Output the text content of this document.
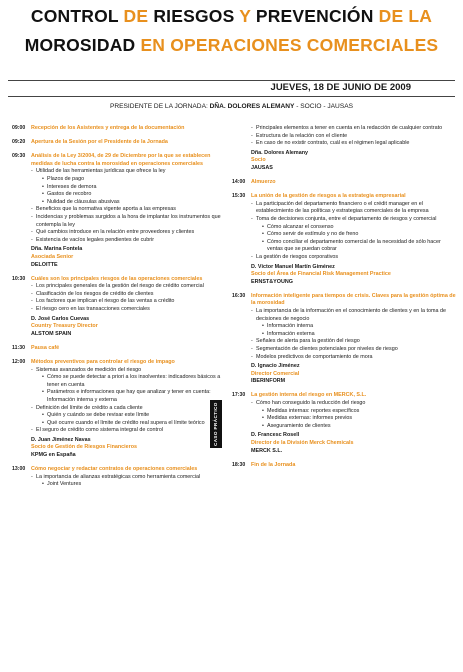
CONTROL DE RIESGOS Y PREVENCIÓN DE LA
MOROSIDAD EN OPERACIONES COMERCIALES
JUEVES, 18 DE JUNIO DE 2009
PRESIDENTE DE LA JORNADA: DÑA. DOLORES ALEMANY - SOCIO - JAUSAS
09:00	Recepción de los Asistentes y entrega de la documentación
09:20	Apertura de la Sesión por el Presidente de la Jornada
09:30	Análisis de la Ley 3/2004, de 29 de Diciembre por la que se establecen medidas de lucha contra la morosidad en operaciones comerciales
- Utilidad de las herramientas jurídicas que ofrece la ley
• Plazos de pago
• Intereses de demora
• Gastos de recobro
• Nulidad de cláusulas abusivas
- Beneficios que la normativa vigente aporta a las empresas
- Incidencias y problemas surgidos a la hora de implantar los instrumentos que contempla la ley
- Qué cambios introduce en la relación entre proveedores y clientes
- Existencia de vacíos legales pendientes de cubrir
Dña. Marina Fontela
Asociada Senior
DELOITTE
10:30	Cuáles son los principales riesgos de las operaciones comerciales
- Los principales generales de la gestión del riesgo de crédito comercial
- Clasificación de los riesgos de crédito de clientes
- Los factores que implican el riesgo de las ventas a crédito
- El riesgo cero en las transacciones comerciales
D. José Carlos Cuevas
Country Treasury Director
ALSTOM SPAIN
11:30	Pausa café
12:00	Métodos preventivos para controlar el riesgo de impago
- Sistemas avanzados de medición del riesgo
• Cómo se puede detectar a priori a los insolventes: indicadores básicos a tener en cuenta
• Parámetros e informaciones que hay que analizar y tener en cuenta: Información interna y externa
- Definición del límite de crédito a cada cliente
• Quién y cuándo se debe revisar este límite
• Qué ocurre cuando el límite de crédito real supera el límite teórico
- El seguro de crédito como sistema integral de control
D. Juan Jiménez Navas
Socio de Gestión de Riesgos Financieros
KPMG en España
13:00	Cómo negociar y redactar contratos de operaciones comerciales
- La importancia de alianzas estratégicas como herramienta comercial
• Joint Ventures
- Principales elementos a tener en cuenta en la redacción de cualquier contrato
- Estructura de la relación con el cliente
- En caso de no existir contrato, cuál es el régimen legal aplicable
Dña. Dolores Alemany
Socio
JAUSAS
14:00	Almuerzo
15:30	La unión de la gestión de riesgos a la estrategia empresarial
- La participación del departamento financiero o el crédit manager en el establecimiento de las políticas y estrategias comerciales de la empresa
- Toma de decisiones conjunta, entre el departamento de riesgos y comercial
• Cómo alcanzar el consenso
• Cómo servir de estímulo y no de freno
• Cómo conciliar el departamento comercial de la necesidad de sólo hacer ventas que se puedan cobrar
- La gestión de riesgos corporativos
D. Víctor Manuel Martín Giménez
Socio del Área de Financial Risk Management Practice
ERNST&YOUNG
16:30	Información inteligente para tiempos de crisis. Claves para la gestión óptima de la morosidad
- La importancia de la información en el conocimiento de clientes y en la toma de decisiones de negocio
• Información interna
• Información externa
- Señales de alerta para la gestión del riesgo
- Segmentación de clientes potenciales por niveles de riesgo
- Modelos predictivos de comportamiento de mora
D. Ignacio Jiménez
Director Comercial
IBERINFORM
17:30	La gestión interna del riesgo en MERCK, S.L.
- Cómo han conseguido la reducción del riesgo
• Medidas internas: reportes específicos
• Medidas externas: informes previos
• Aseguramiento de clientes
D. Francesc Rosell
Director de la División Merck Chemicals
MERCK S.L.
CASO PRÁCTICO
18:30	Fin de la Jornada
